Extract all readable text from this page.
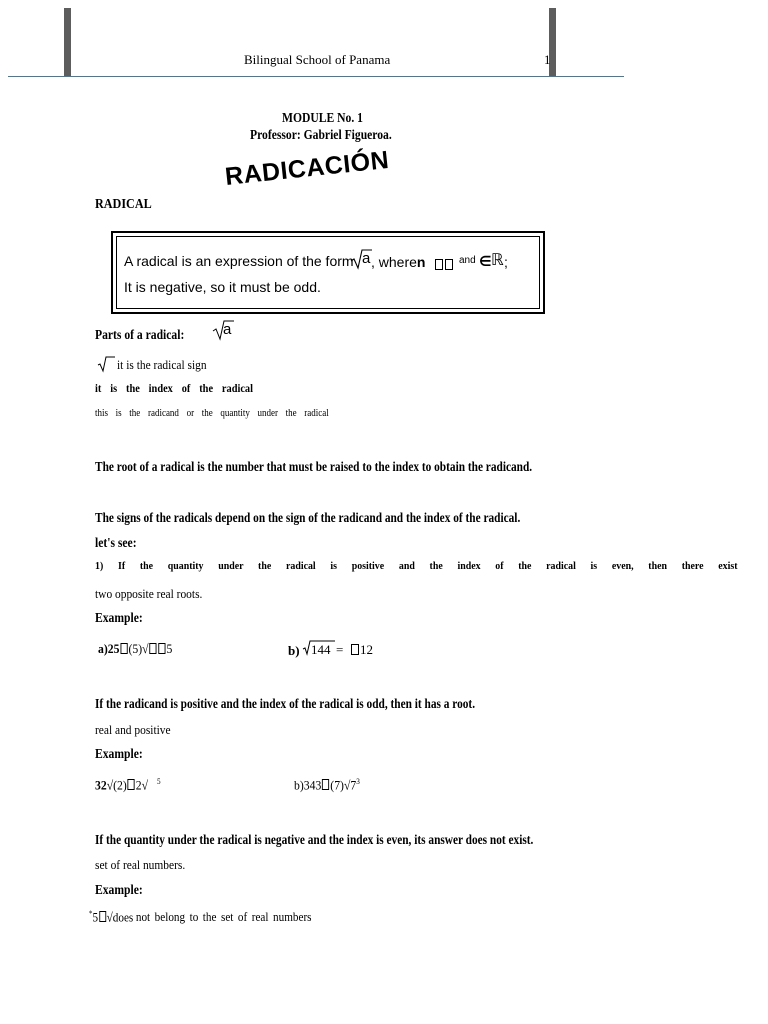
Bilingual School of Panama	1
MODULE No. 1
Professor: Gabriel Figueroa.
RADICACIÓN
RADICAL
A radical is an expression of the form a , wheren	and ∈ ℝ ;
It is negative, so it must be odd.
Parts of a radical:	a
it is the radical sign
it is the index of the radical
this is the radicand or the quantity under the radical
The root of a radical is the number that must be raised to the index to obtain the radicand.
The signs of the radicals depend on the sign of the radicand and the index of the radical.
let's see:
1) If the quantity under the radical is positive and the index of the radical is even, then there exist
two opposite real roots.
Example:
a)25 (5)√ 5	b) 144 =	12
If the radicand is positive and the index of the radical is odd, then it has a root.
real and positive
Example:
32√(2) 2√ $^5$	b)343 $(7)√7^3$
If the quantity under the radical is negative and the index is even, its answer does not exist.
set of real numbers.
Example:
*5 √does not belong to the set of real numbers
